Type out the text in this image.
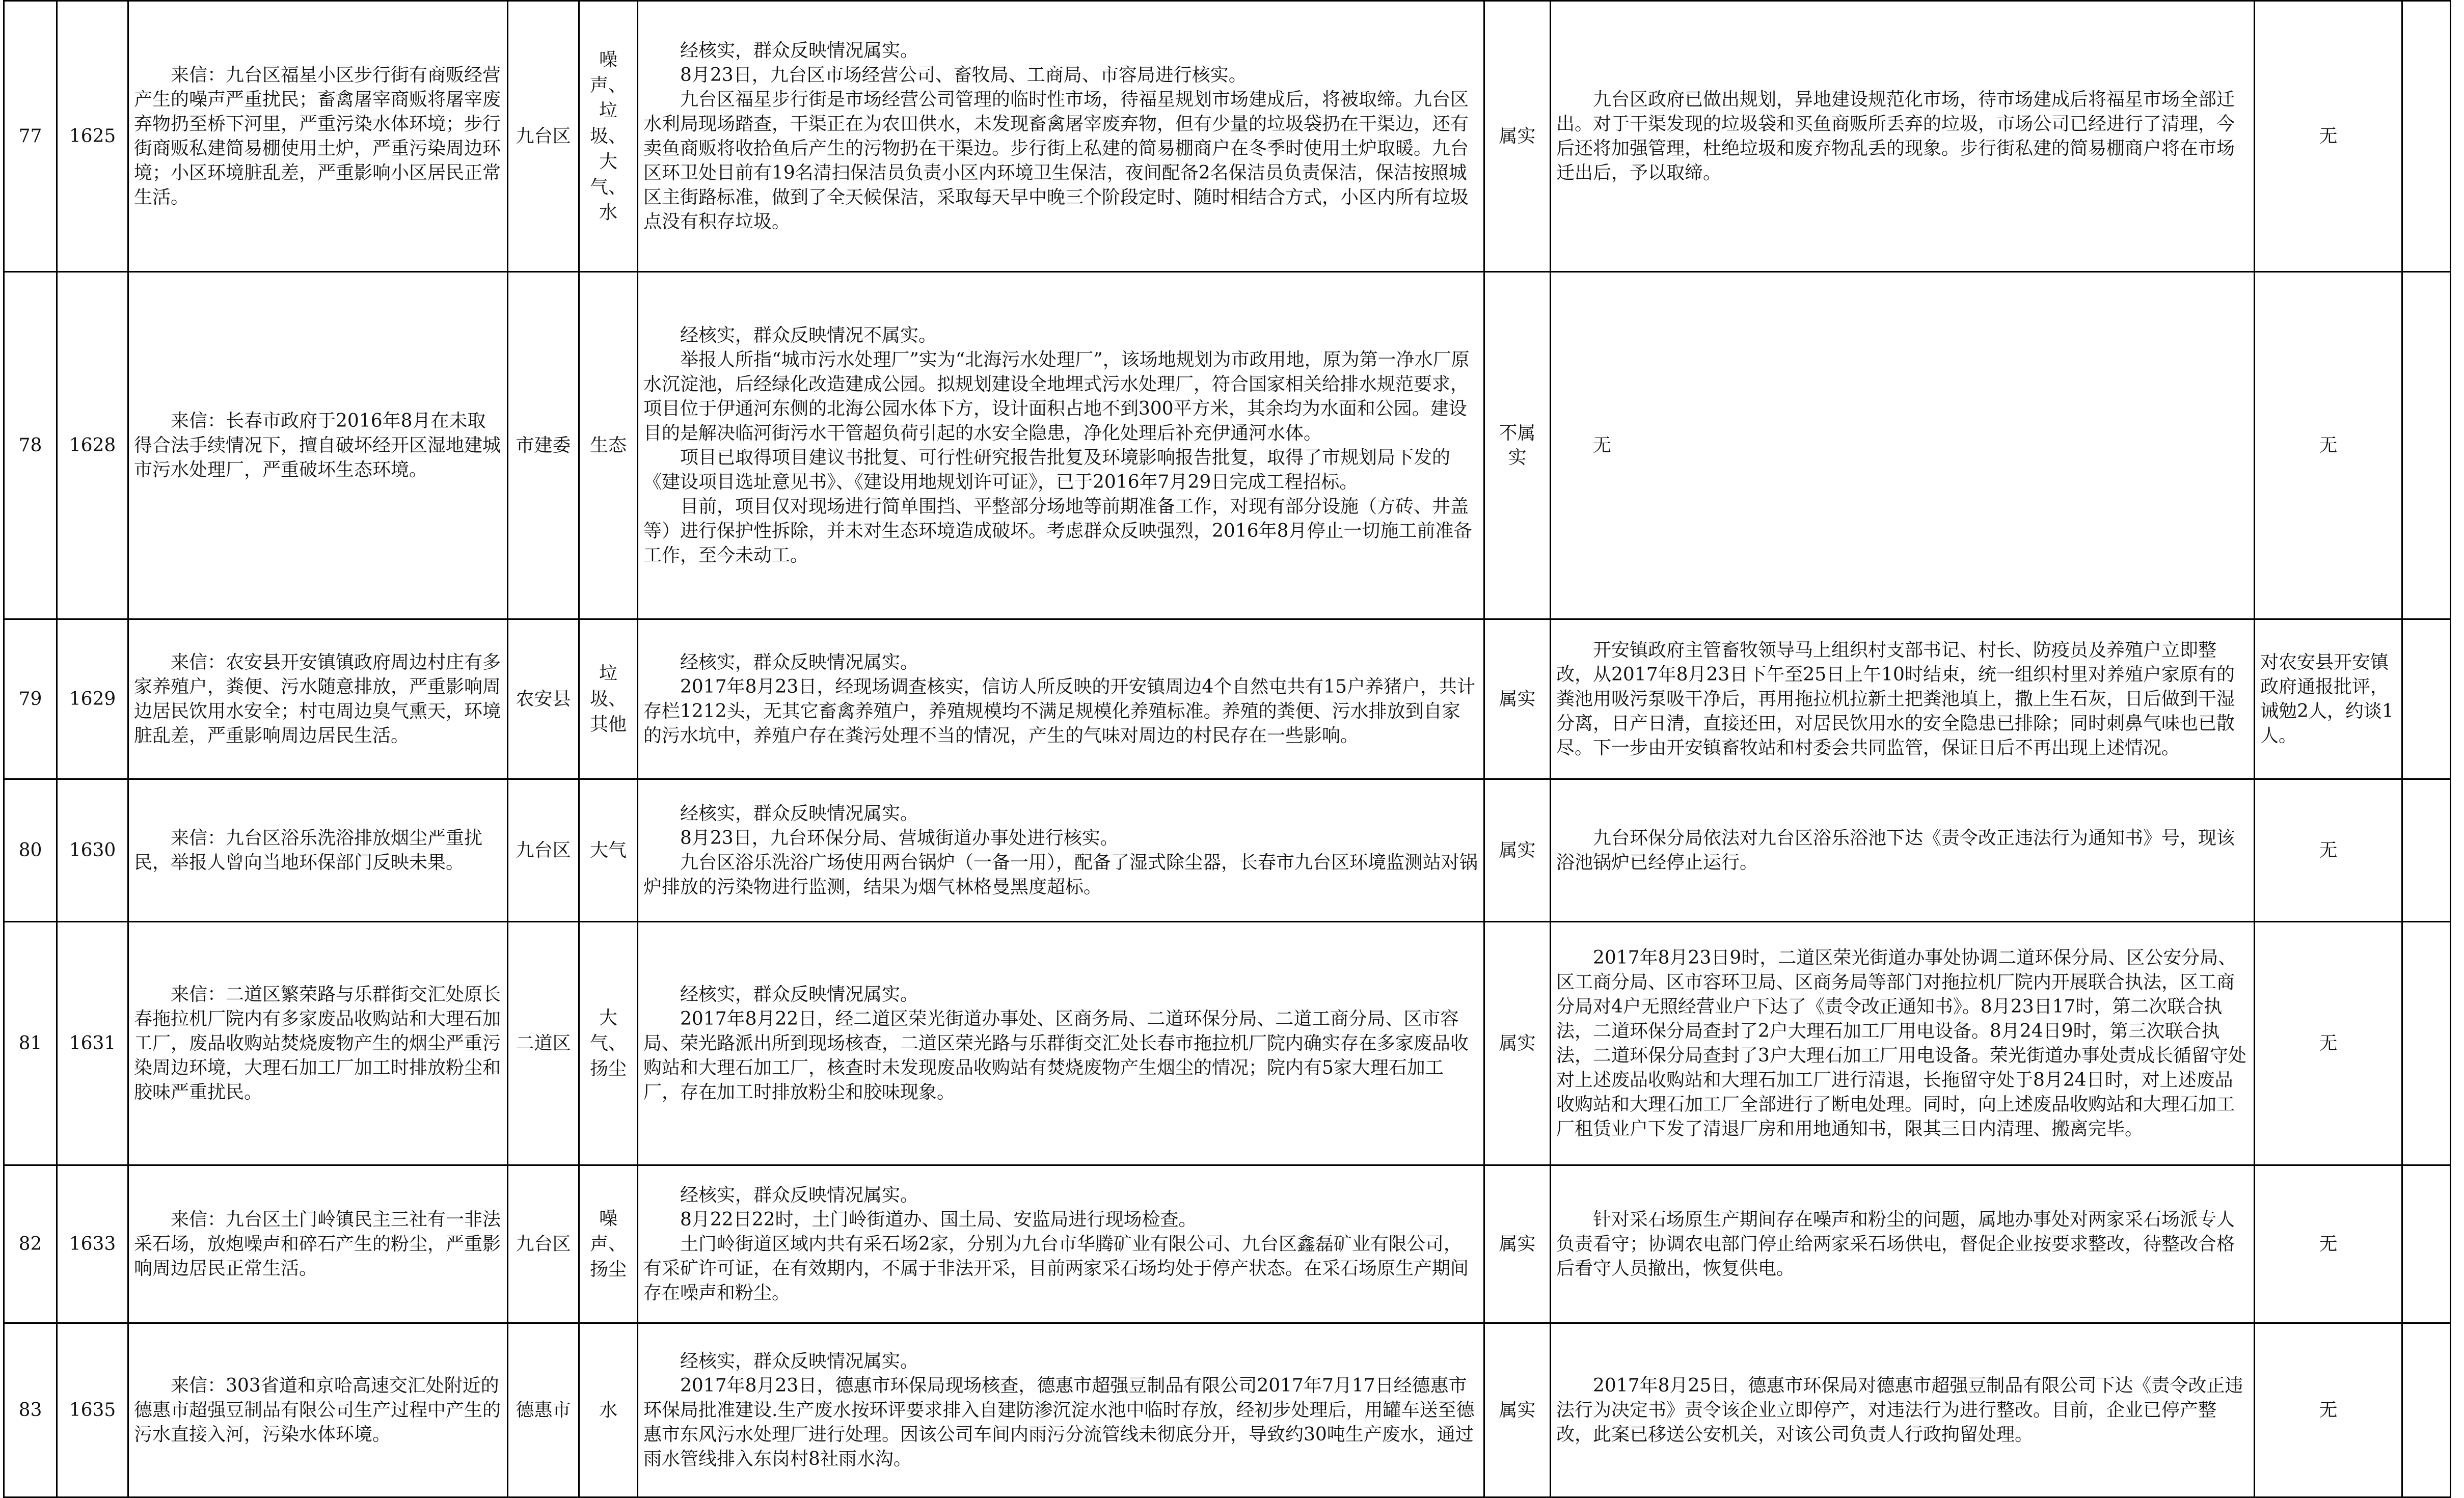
77	1625	来信：九台区福星小区步行街有商贩经营产生的噪声严重扰民；畜禽屠宰商贩将屠宰废弃物扔至桥下河里，严重污染水体环境；步行街商贩私建简易棚使用土炉，严重污染周边环境；小区环境脏乱差，严重影响小区居民正常生活。	九台区	噪声、垃圾、大气、水	经核实，群众反映情况属实。

8月23日，九台区市场经营公司、畜牧局、工商局、市容局进行核实。

九台区福星步行街是市场经营公司管理的临时性市场，待福星规划市场建成后，将被取缔。九台区水利局现场踏查，干渠正在为农田供水，未发现畜禽屠宰废弃物，但有少量的垃圾袋扔在干渠边，还有卖鱼商贩将收拾鱼后产生的污物扔在干渠边。步行街上私建的简易棚商户在冬季时使用土炉取暖。九台区环卫处目前有19名清扫保洁员负责小区内环境卫生保洁，夜间配备2名保洁员负责保洁，保洁按照城区主街路标准，做到了全天候保洁，采取每天早中晚三个阶段定时、随时相结合方式，小区内所有垃圾点没有积存垃圾。	属实	九台区政府已做出规划，异地建设规范化市场，待市场建成后将福星市场全部迁出。对于干渠发现的垃圾袋和买鱼商贩所丢弃的垃圾，市场公司已经进行了清理，今后还将加强管理，杜绝垃圾和废弃物乱丢的现象。步行街私建的简易棚商户将在市场迁出后，予以取缔。	无	
78	1628	来信：长春市政府于2016年8月在未取得合法手续情况下，擅自破坏经开区湿地建城市污水处理厂，严重破坏生态环境。	市建委	生态	经核实，群众反映情况不属实。

举报人所指“城市污水处理厂”实为“北海污水处理厂”，该场地规划为市政用地，原为第一净水厂原水沉淀池，后经绿化改造建成公园。拟规划建设全地埋式污水处理厂，符合国家相关给排水规范要求，项目位于伊通河东侧的北海公园水体下方，设计面积占地不到300平方米，其余均为水面和公园。建设目的是解决临河街污水干管超负荷引起的水安全隐患，净化处理后补充伊通河水体。

项目已取得项目建议书批复、可行性研究报告批复及环境影响报告批复，取得了市规划局下发的《建设项目选址意见书》、《建设用地规划许可证》，已于2016年7月29日完成工程招标。

目前，项目仅对现场进行简单围挡、平整部分场地等前期准备工作，对现有部分设施（方砖、井盖等）进行保护性拆除，并未对生态环境造成破坏。考虑群众反映强烈，2016年8月停止一切施工前准备工作，至今未动工。	不属实	无	无	
79	1629	来信：农安县开安镇镇政府周边村庄有多家养殖户，粪便、污水随意排放，严重影响周边居民饮用水安全；村屯周边臭气熏天，环境脏乱差，严重影响周边居民生活。	农安县	垃圾、其他	经核实，群众反映情况属实。

2017年8月23日，经现场调查核实，信访人所反映的开安镇周边4个自然屯共有15户养猪户，共计存栏1212头，无其它畜禽养殖户，养殖规模均不满足规模化养殖标准。养殖的粪便、污水排放到自家的污水坑中，养殖户存在粪污处理不当的情况，产生的气味对周边的村民存在一些影响。	属实	开安镇政府主管畜牧领导马上组织村支部书记、村长、防疫员及养殖户立即整改，从2017年8月23日下午至25日上午10时结束，统一组织村里对养殖户家原有的粪池用吸污泵吸干净后，再用拖拉机拉新土把粪池填上，撒上生石灰，日后做到干湿分离，日产日清，直接还田，对居民饮用水的安全隐患已排除；同时刺鼻气味也已散尽。下一步由开安镇畜牧站和村委会共同监管，保证日后不再出现上述情况。	对农安县开安镇政府通报批评，诫勉2人，约谈1人。	
80	1630	来信：九台区浴乐洗浴排放烟尘严重扰民，举报人曾向当地环保部门反映未果。	九台区	大气	经核实，群众反映情况属实。

8月23日，九台环保分局、营城街道办事处进行核实。

九台区浴乐洗浴广场使用两台锅炉（一备一用），配备了湿式除尘器，长春市九台区环境监测站对锅炉排放的污染物进行监测，结果为烟气林格曼黑度超标。	属实	九台环保分局依法对九台区浴乐浴池下达《责令改正违法行为通知书》号，现该浴池锅炉已经停止运行。	无	
81	1631	来信：二道区繁荣路与乐群街交汇处原长春拖拉机厂院内有多家废品收购站和大理石加工厂，废品收购站焚烧废物产生的烟尘严重污染周边环境，大理石加工厂加工时排放粉尘和胶味严重扰民。	二道区	大气、扬尘	经核实，群众反映情况属实。

2017年8月22日，经二道区荣光街道办事处、区商务局、二道环保分局、二道工商分局、区市容局、荣光路派出所到现场核查，二道区荣光路与乐群街交汇处长春市拖拉机厂院内确实存在多家废品收购站和大理石加工厂，核查时未发现废品收购站有焚烧废物产生烟尘的情况；院内有5家大理石加工厂，存在加工时排放粉尘和胶味现象。	属实	2017年8月23日9时，二道区荣光街道办事处协调二道环保分局、区公安分局、区工商分局、区市容环卫局、区商务局等部门对拖拉机厂院内开展联合执法，区工商分局对4户无照经营业户下达了《责令改正通知书》。8月23日17时，第二次联合执法，二道环保分局查封了2户大理石加工厂用电设备。8月24日9时，第三次联合执法，二道环保分局查封了3户大理石加工厂用电设备。荣光街道办事处责成长循留守处对上述废品收购站和大理石加工厂进行清退，长拖留守处于8月24日时，对上述废品收购站和大理石加工厂全部进行了断电处理。同时，向上述废品收购站和大理石加工厂租赁业户下发了清退厂房和用地通知书，限其三日内清理、搬离完毕。	无	
82	1633	来信：九台区土门岭镇民主三社有一非法采石场，放炮噪声和碎石产生的粉尘，严重影响周边居民正常生活。	九台区	噪声、扬尘	经核实，群众反映情况属实。

8月22日22时，土门岭街道办、国土局、安监局进行现场检查。

土门岭街道区域内共有采石场2家，分别为九台市华腾矿业有限公司、九台区鑫磊矿业有限公司，有采矿许可证，在有效期内，不属于非法开采，目前两家采石场均处于停产状态。在采石场原生产期间存在噪声和粉尘。	属实	针对采石场原生产期间存在噪声和粉尘的问题，属地办事处对两家采石场派专人负责看守；协调农电部门停止给两家采石场供电，督促企业按要求整改，待整改合格后看守人员撤出，恢复供电。	无	
83	1635	来信：303省道和京哈高速交汇处附近的德惠市超强豆制品有限公司生产过程中产生的污水直接入河，污染水体环境。	德惠市	水	经核实，群众反映情况属实。

2017年8月23日，德惠市环保局现场核查，德惠市超强豆制品有限公司2017年7月17日经德惠市环保局批准建设.生产废水按环评要求排入自建防渗沉淀水池中临时存放，经初步处理后，用罐车送至德惠市东风污水处理厂进行处理。因该公司车间内雨污分流管线未彻底分开，导致约30吨生产废水，通过雨水管线排入东岗村8社雨水沟。	属实	2017年8月25日，德惠市环保局对德惠市超强豆制品有限公司下达《责令改正违法行为决定书》责令该企业立即停产，对违法行为进行整改。目前，企业已停产整改，此案已移送公安机关，对该公司负责人行政拘留处理。	无	
